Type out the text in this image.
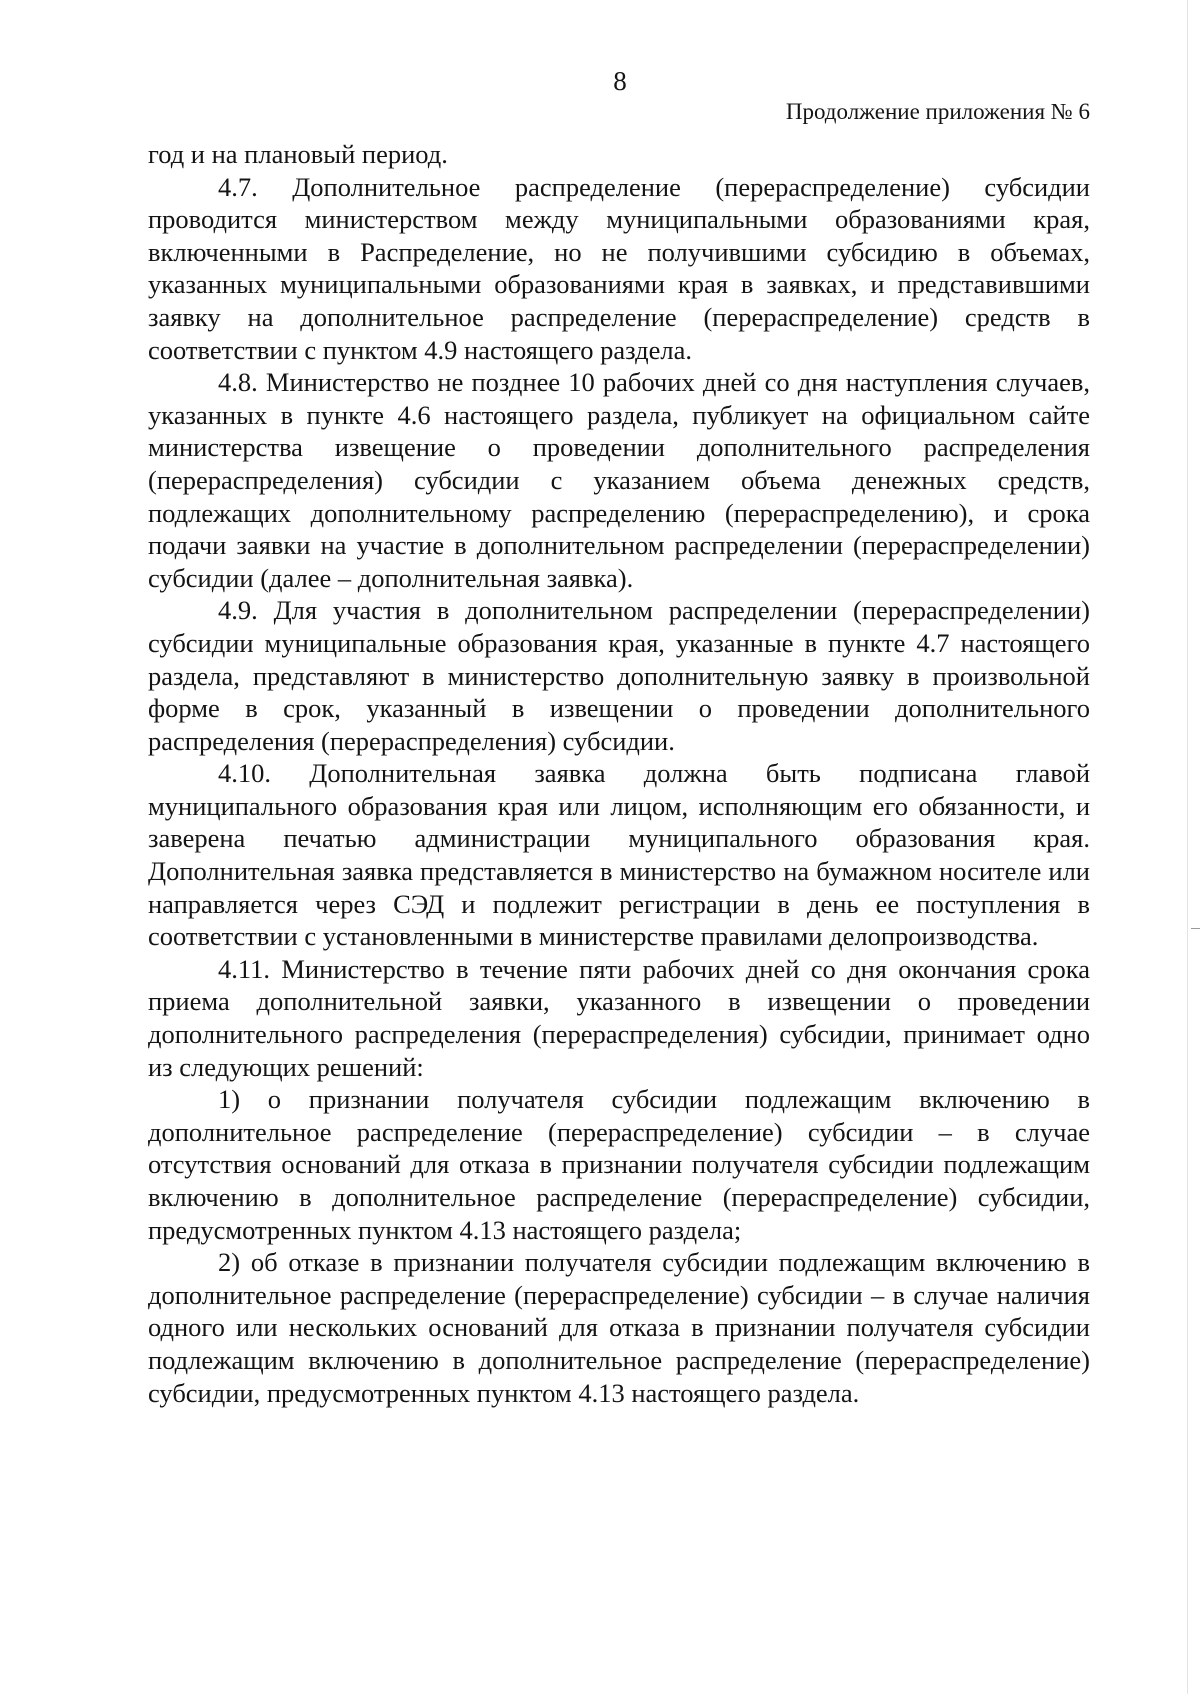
8
Продолжение приложения № 6

год и на плановый период.

4.7. Дополнительное распределение (перераспределение) субсидии проводится министерством между муниципальными образованиями края, включенными в Распределение, но не получившими субсидию в объемах, указанных муниципальными образованиями края в заявках, и представившими заявку на дополнительное распределение (перераспределение) средств в соответствии с пунктом 4.9 настоящего раздела.

4.8. Министерство не позднее 10 рабочих дней со дня наступления случаев, указанных в пункте 4.6 настоящего раздела, публикует на официальном сайте министерства извещение о проведении дополнительного распределения (перераспределения) субсидии с указанием объема денежных средств, подлежащих дополнительному распределению (перераспределению), и срока подачи заявки на участие в дополнительном распределении (перераспределении) субсидии (далее – дополнительная заявка).

4.9. Для участия в дополнительном распределении (перераспределении) субсидии муниципальные образования края, указанные в пункте 4.7 настоящего раздела, представляют в министерство дополнительную заявку в произвольной форме в срок, указанный в извещении о проведении дополнительного распределения (перераспределения) субсидии.

4.10. Дополнительная заявка должна быть подписана главой муниципального образования края или лицом, исполняющим его обязанности, и заверена печатью администрации муниципального образования края. Дополнительная заявка представляется в министерство на бумажном носителе или направляется через СЭД и подлежит регистрации в день ее поступления в соответствии с установленными в министерстве правилами делопроизводства.

4.11. Министерство в течение пяти рабочих дней со дня окончания срока приема дополнительной заявки, указанного в извещении о проведении дополнительного распределения (перераспределения) субсидии, принимает одно из следующих решений:

1) о признании получателя субсидии подлежащим включению в дополнительное распределение (перераспределение) субсидии – в случае отсутствия оснований для отказа в признании получателя субсидии подлежащим включению в дополнительное распределение (перераспределение) субсидии, предусмотренных пунктом 4.13 настоящего раздела;

2) об отказе в признании получателя субсидии подлежащим включению в дополнительное распределение (перераспределение) субсидии – в случае наличия одного или нескольких оснований для отказа в признании получателя субсидии подлежащим включению в дополнительное распределение (перераспределение) субсидии, предусмотренных пунктом 4.13 настоящего раздела.
